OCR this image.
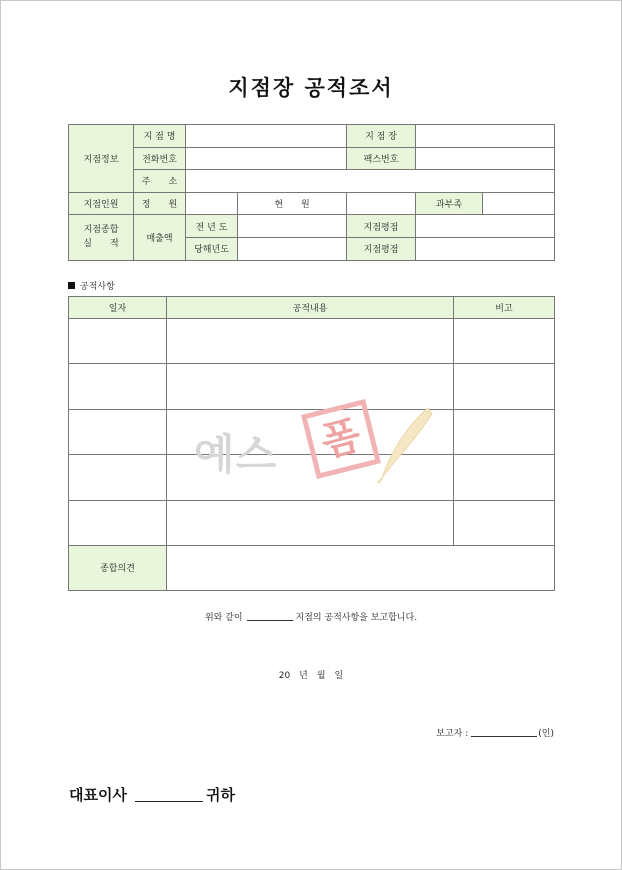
지점장 공적조서
지점정보	지 점 명			지 점 장		
	전화번호			팩스번호		
	주　　소					
지점인원	정　　원		현　　원		과부족	

지점종합
실　　적	매출액	전 년 도		지점평점		
		당해년도		지점평점		
공적사항
일자	공적내용	비고

종합의견		
예스 폼
위와 같이	지점의 공적사항을 보고합니다.
20　년　월　일
보고자 :	(인)
대표이사	귀하
